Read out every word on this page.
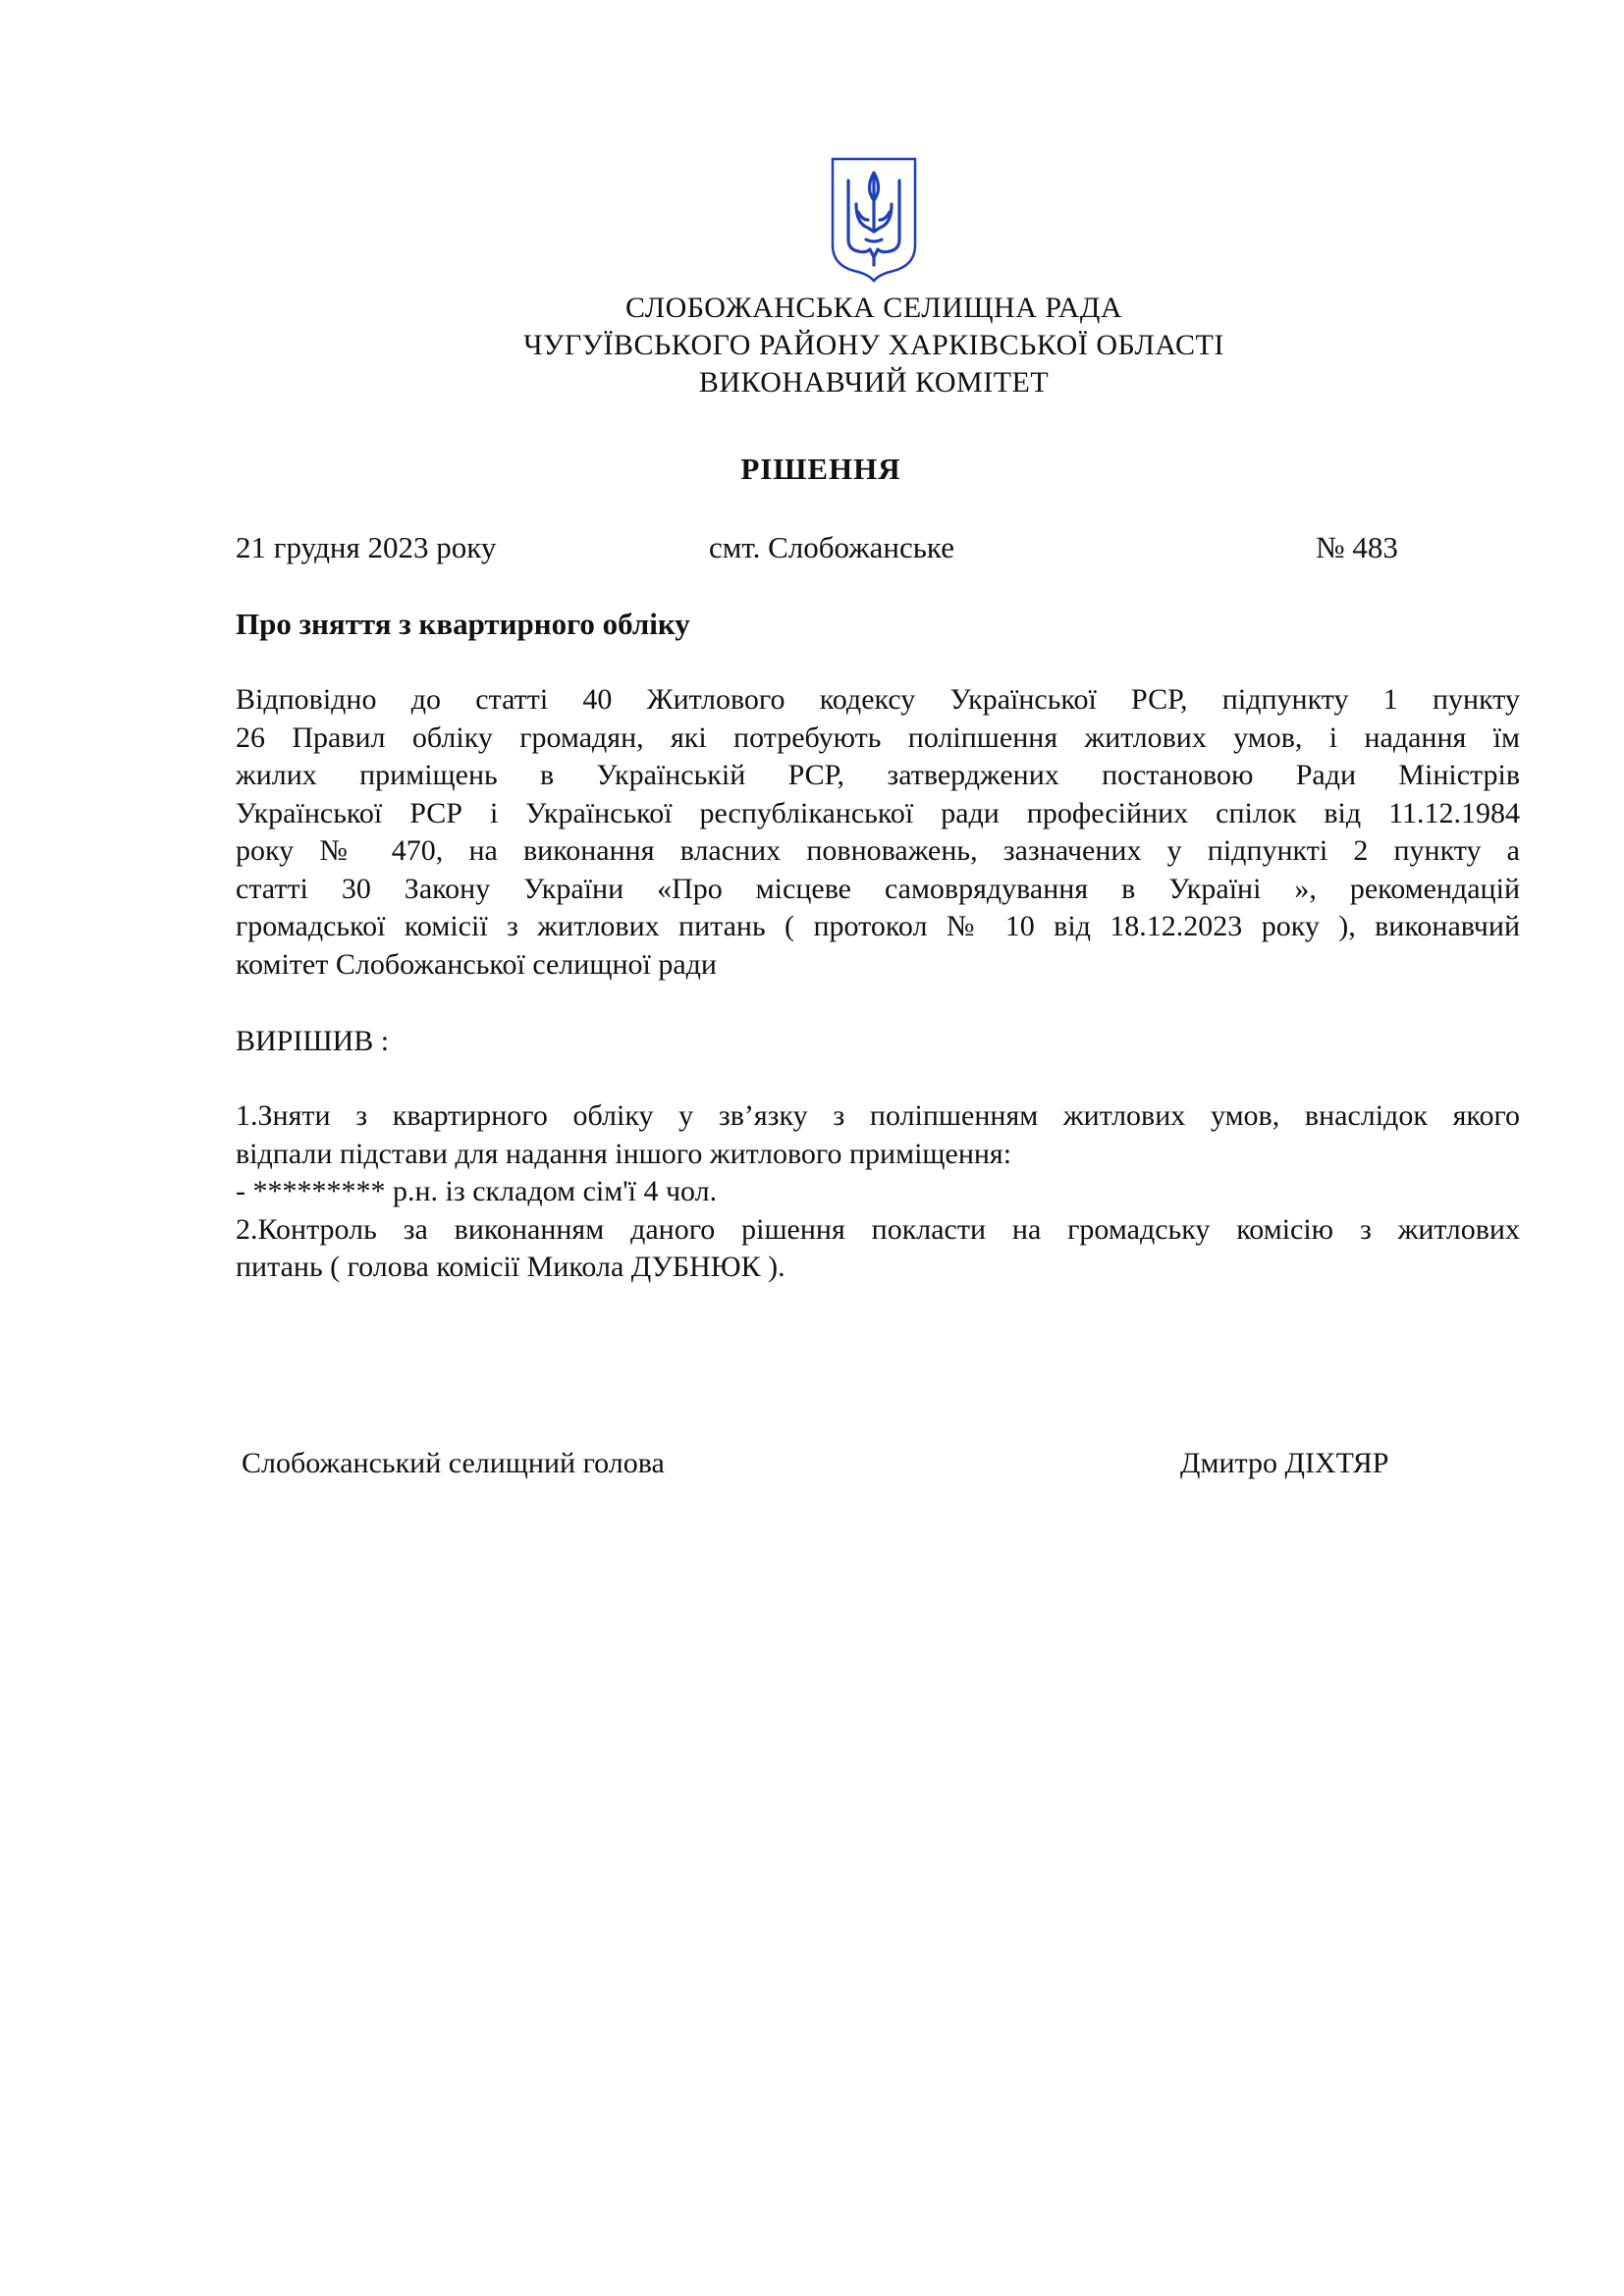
СЛОБОЖАНСЬКА СЕЛИЩНА РАДА
ЧУГУЇВСЬКОГО РАЙОНУ ХАРКІВСЬКОЇ ОБЛАСТІ
ВИКОНАВЧИЙ КОМІТЕТ
РІШЕННЯ
21 грудня 2023 року	смт. Слобожанське	№ 483
Про зняття з квартирного обліку
Відповідно до статті 40 Житлового кодексу Української РСР, підпункту 1 пункту
26 Правил обліку громадян, які потребують поліпшення житлових умов, і надання їм
жилих приміщень в Українській РСР, затверджених постановою Ради Міністрів
Української РСР і Української республіканської ради професійних спілок від 11.12.1984
року № 470, на виконання власних повноважень, зазначених у підпункті 2 пункту а
статті 30 Закону України «Про місцеве самоврядування в Україні », рекомендацій
громадської комісії з житлових питань ( протокол № 10 від 18.12.2023 року ), виконавчий
комітет Слобожанської селищної ради
ВИРІШИВ :
1.Зняти з квартирного обліку у зв’язку з поліпшенням житлових умов, внаслідок якого
відпали підстави для надання іншого житлового приміщення:
- ********* р.н. із складом сім'ї 4 чол.
2.Контроль за виконанням даного рішення покласти на громадську комісію з житлових
питань ( голова комісії Микола ДУБНЮК ).
Слобожанський селищний голова	Дмитро ДІХТЯР
